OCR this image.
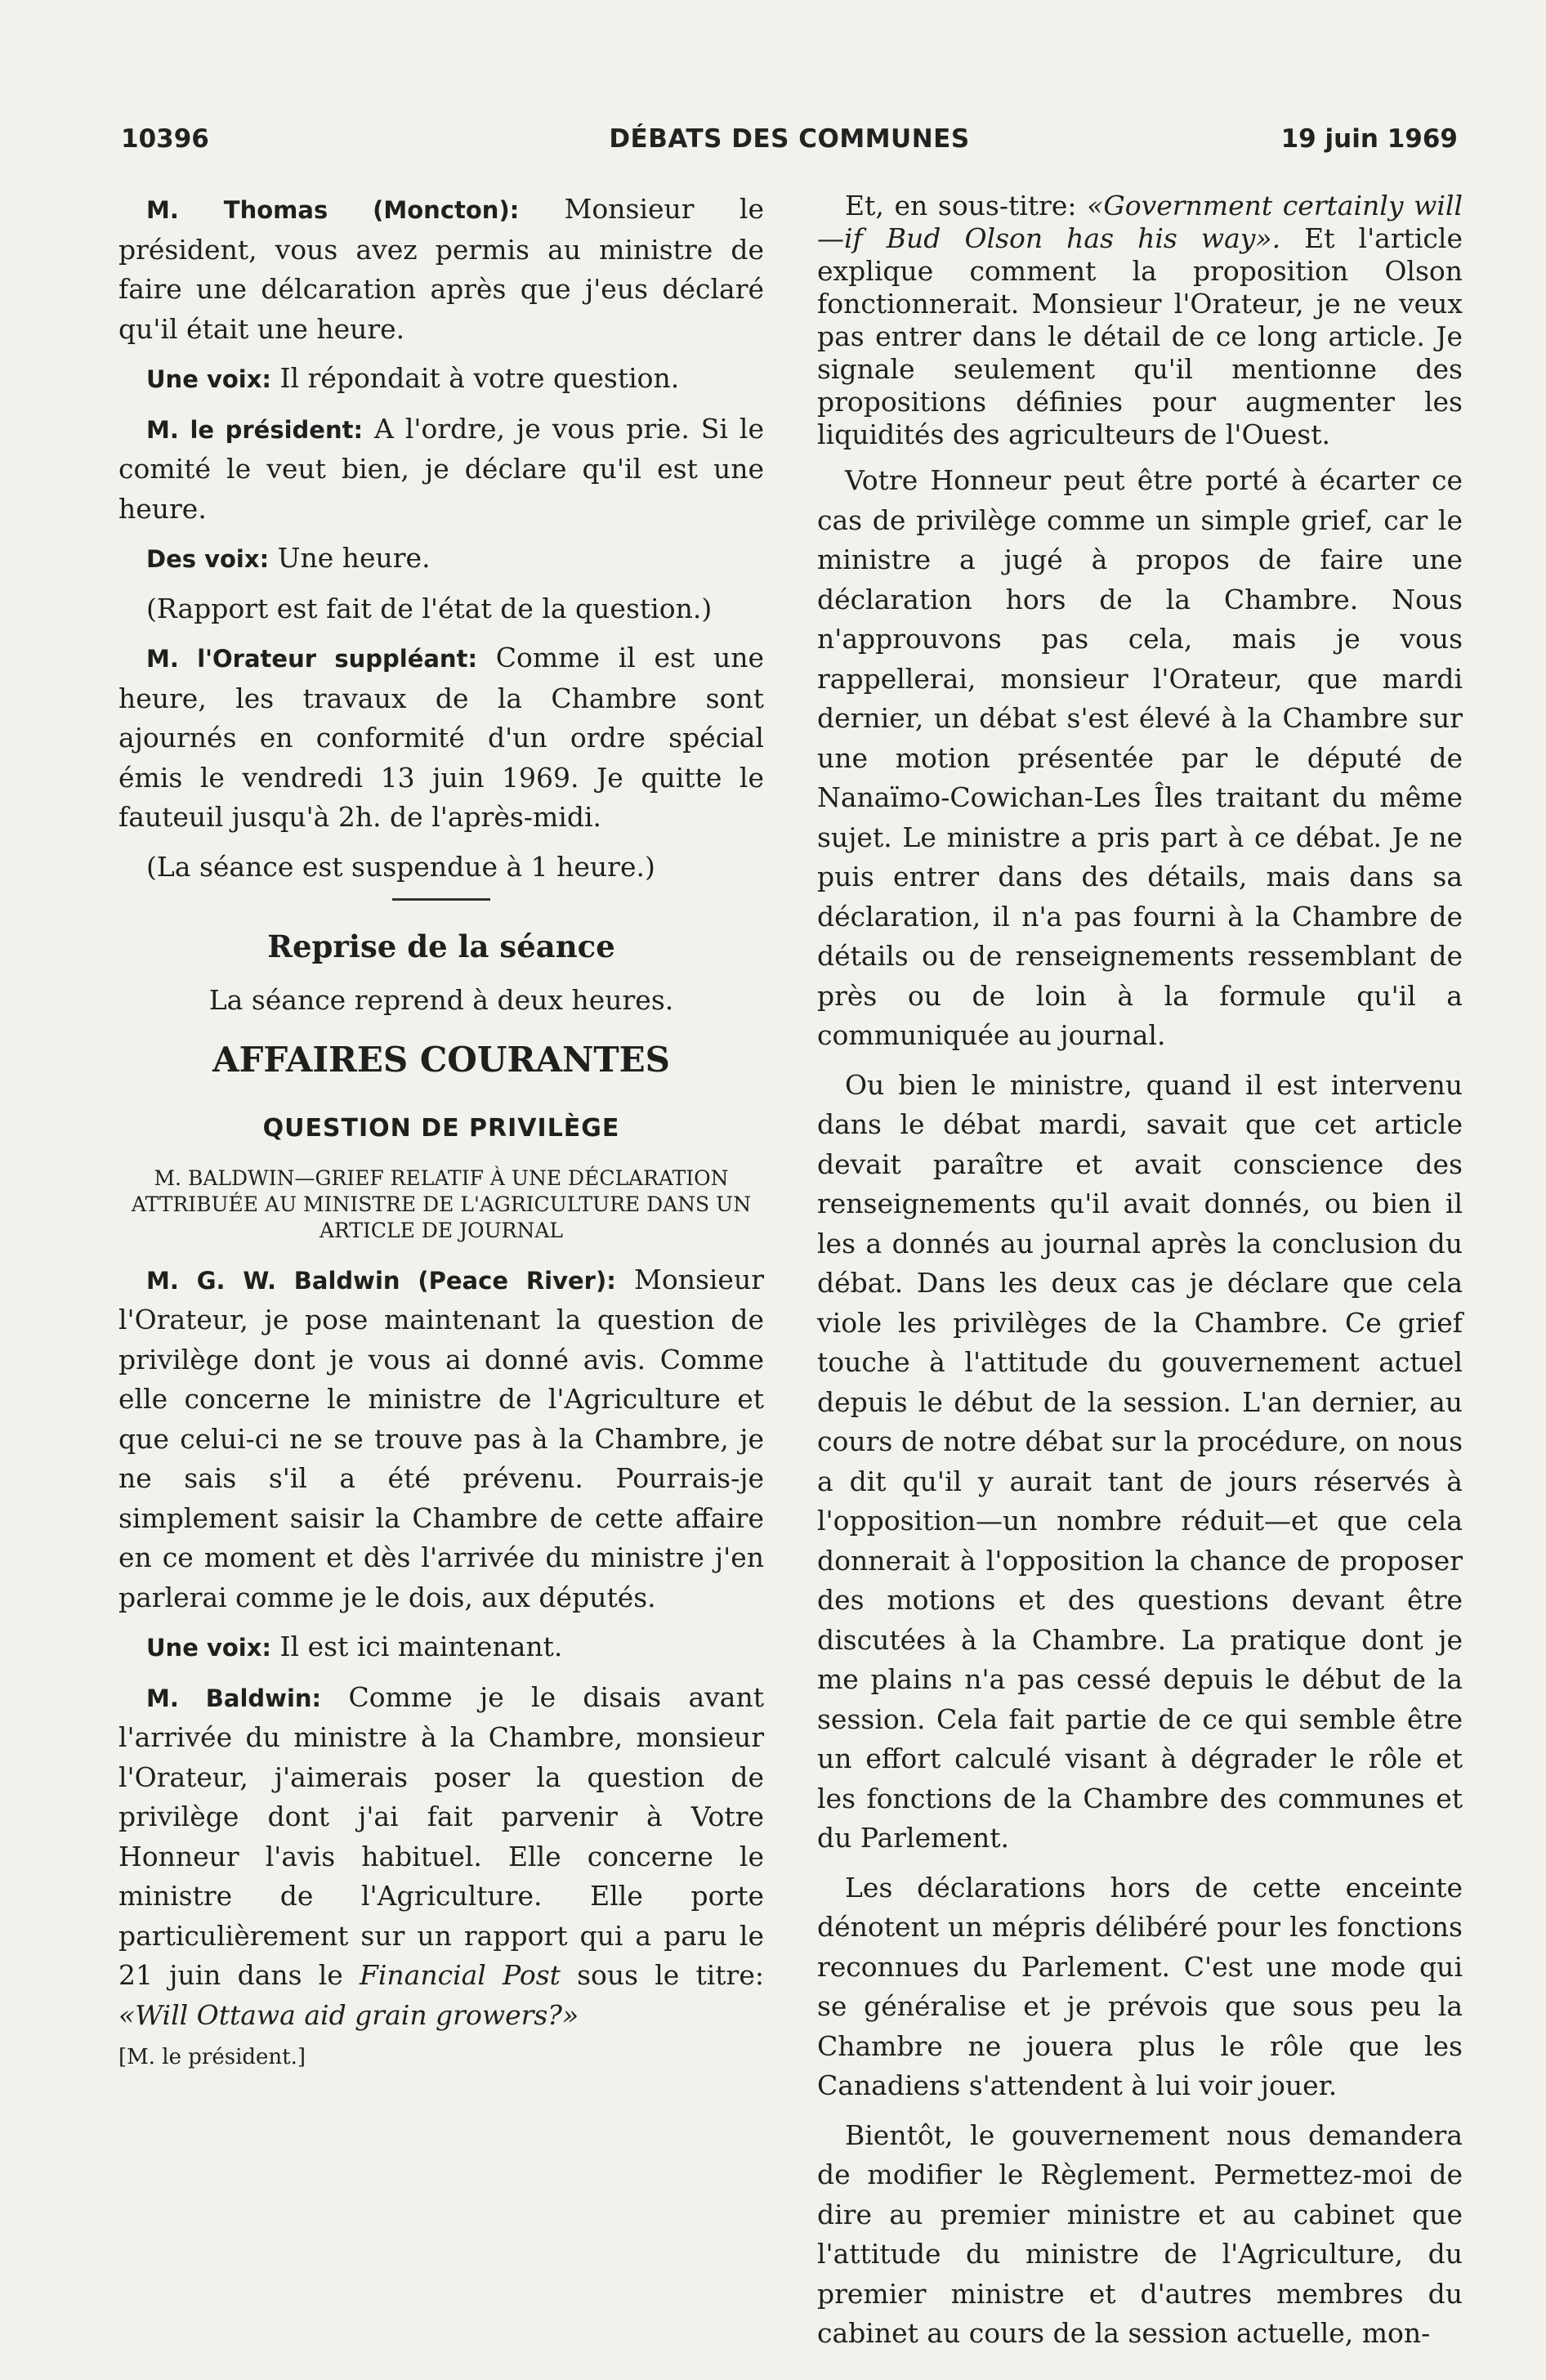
10396	DÉBATS DES COMMUNES	19 juin 1969

M. Thomas (Moncton): Monsieur le président, vous avez permis au ministre de faire une délcaration après que j'eus déclaré qu'il était une heure.

Une voix: Il répondait à votre question.

M. le président: A l'ordre, je vous prie. Si le comité le veut bien, je déclare qu'il est une heure.

Des voix: Une heure.

(Rapport est fait de l'état de la question.)

M. l'Orateur suppléant: Comme il est une heure, les travaux de la Chambre sont ajournés en conformité d'un ordre spécial émis le vendredi 13 juin 1969. Je quitte le fauteuil jusqu'à 2h. de l'après-midi.

(La séance est suspendue à 1 heure.)

Reprise de la séance

La séance reprend à deux heures.

AFFAIRES COURANTES
QUESTION DE PRIVILÈGE
M. BALDWIN—GRIEF RELATIF À UNE DÉCLARATION ATTRIBUÉE AU MINISTRE DE L'AGRICULTURE DANS UN ARTICLE DE JOURNAL

M. G. W. Baldwin (Peace River): Monsieur l'Orateur, je pose maintenant la question de privilège dont je vous ai donné avis. Comme elle concerne le ministre de l'Agriculture et que celui-ci ne se trouve pas à la Chambre, je ne sais s'il a été prévenu. Pourrais-je simplement saisir la Chambre de cette affaire en ce moment et dès l'arrivée du ministre j'en parlerai comme je le dois, aux députés.

Une voix: Il est ici maintenant.

M. Baldwin: Comme je le disais avant l'arrivée du ministre à la Chambre, monsieur l'Orateur, j'aimerais poser la question de privilège dont j'ai fait parvenir à Votre Honneur l'avis habituel. Elle concerne le ministre de l'Agriculture. Elle porte particulièrement sur un rapport qui a paru le 21 juin dans le Financial Post sous le titre: «Will Ottawa aid grain growers?»

[M. le président.]

Et, en sous-titre: «Government certainly will—if Bud Olson has his way». Et l'article explique comment la proposition Olson fonctionnerait. Monsieur l'Orateur, je ne veux pas entrer dans le détail de ce long article. Je signale seulement qu'il mentionne des propositions définies pour augmenter les liquidités des agriculteurs de l'Ouest.

Votre Honneur peut être porté à écarter ce cas de privilège comme un simple grief, car le ministre a jugé à propos de faire une déclaration hors de la Chambre. Nous n'approuvons pas cela, mais je vous rappellerai, monsieur l'Orateur, que mardi dernier, un débat s'est élevé à la Chambre sur une motion présentée par le député de Nanaïmo-Cowichan-Les Îles traitant du même sujet. Le ministre a pris part à ce débat. Je ne puis entrer dans des détails, mais dans sa déclaration, il n'a pas fourni à la Chambre de détails ou de renseignements ressemblant de près ou de loin à la formule qu'il a communiquée au journal.

Ou bien le ministre, quand il est intervenu dans le débat mardi, savait que cet article devait paraître et avait conscience des renseignements qu'il avait donnés, ou bien il les a donnés au journal après la conclusion du débat. Dans les deux cas je déclare que cela viole les privilèges de la Chambre. Ce grief touche à l'attitude du gouvernement actuel depuis le début de la session. L'an dernier, au cours de notre débat sur la procédure, on nous a dit qu'il y aurait tant de jours réservés à l'opposition—un nombre réduit—et que cela donnerait à l'opposition la chance de proposer des motions et des questions devant être discutées à la Chambre. La pratique dont je me plains n'a pas cessé depuis le début de la session. Cela fait partie de ce qui semble être un effort calculé visant à dégrader le rôle et les fonctions de la Chambre des communes et du Parlement.

Les déclarations hors de cette enceinte dénotent un mépris délibéré pour les fonctions reconnues du Parlement. C'est une mode qui se généralise et je prévois que sous peu la Chambre ne jouera plus le rôle que les Canadiens s'attendent à lui voir jouer.

Bientôt, le gouvernement nous demandera de modifier le Règlement. Permettez-moi de dire au premier ministre et au cabinet que l'attitude du ministre de l'Agriculture, du premier ministre et d'autres membres du cabinet au cours de la session actuelle, mon-
